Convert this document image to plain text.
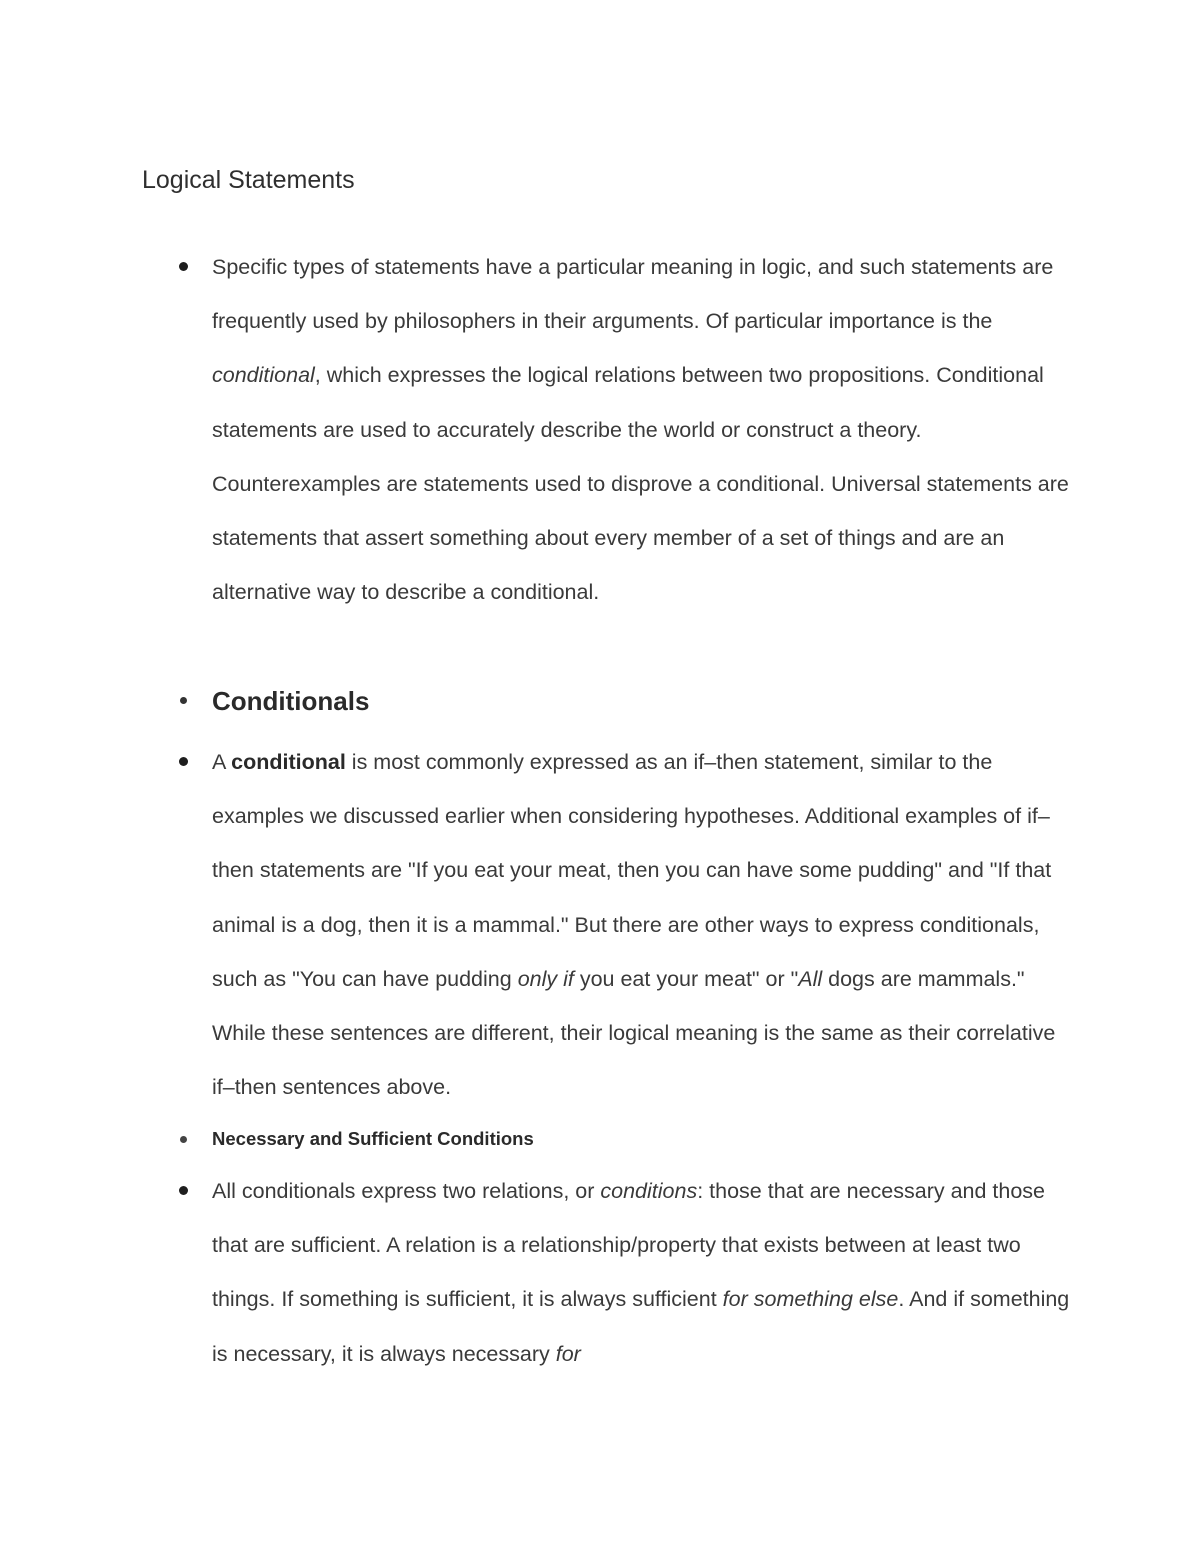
Logical Statements
Specific types of statements have a particular meaning in logic, and such statements are frequently used by philosophers in their arguments. Of particular importance is the conditional, which expresses the logical relations between two propositions. Conditional statements are used to accurately describe the world or construct a theory. Counterexamples are statements used to disprove a conditional. Universal statements are statements that assert something about every member of a set of things and are an alternative way to describe a conditional.
Conditionals
A conditional is most commonly expressed as an if–then statement, similar to the examples we discussed earlier when considering hypotheses. Additional examples of if–then statements are "If you eat your meat, then you can have some pudding" and "If that animal is a dog, then it is a mammal." But there are other ways to express conditionals, such as "You can have pudding only if you eat your meat" or "All dogs are mammals." While these sentences are different, their logical meaning is the same as their correlative if–then sentences above.
Necessary and Sufficient Conditions
All conditionals express two relations, or conditions: those that are necessary and those that are sufficient. A relation is a relationship/property that exists between at least two things. If something is sufficient, it is always sufficient for something else. And if something is necessary, it is always necessary for
